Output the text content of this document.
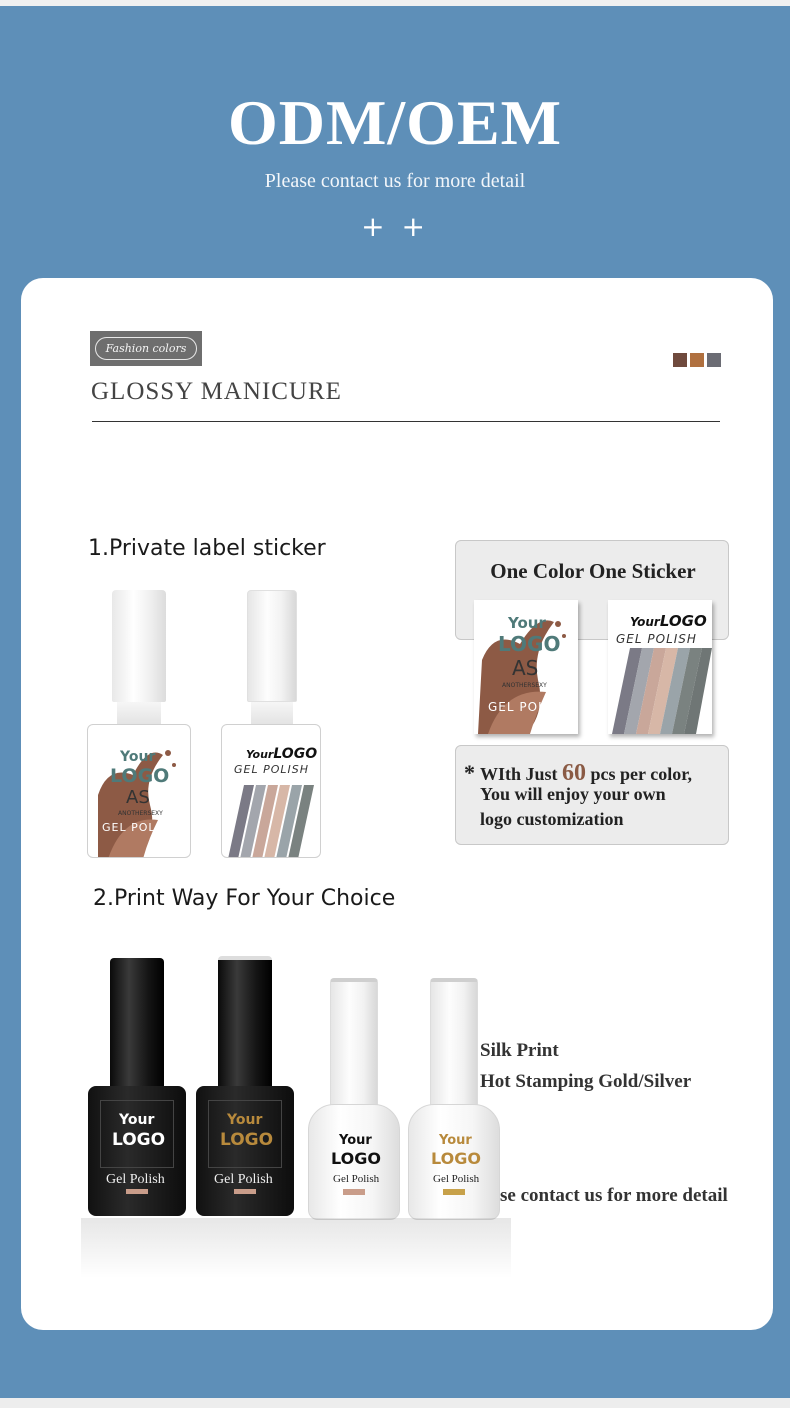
ODM/OEM
Please contact us for more detail
+ +
Fashion colors
GLOSSY MANICURE
1.Private label sticker
Your
LOGO
AS
ANOTHERSEXY
GEL POLISH
YourLOGO
GEL POLISH
One Color One Sticker
Your
LOGO
AS
ANOTHERSEXY
GEL POLISH
YourLOGO
GEL POLISH
* WIth Just 60 pcs per color,
You will enjoy your own
logo customization
2.Print Way For Your Choice
Your
LOGO
Gel Polish
Your
LOGO
Gel Polish
Your
LOGO
Gel Polish
Your
LOGO
Gel Polish
Silk Print
Hot Stamping Gold/Silver
se contact us for more detail
